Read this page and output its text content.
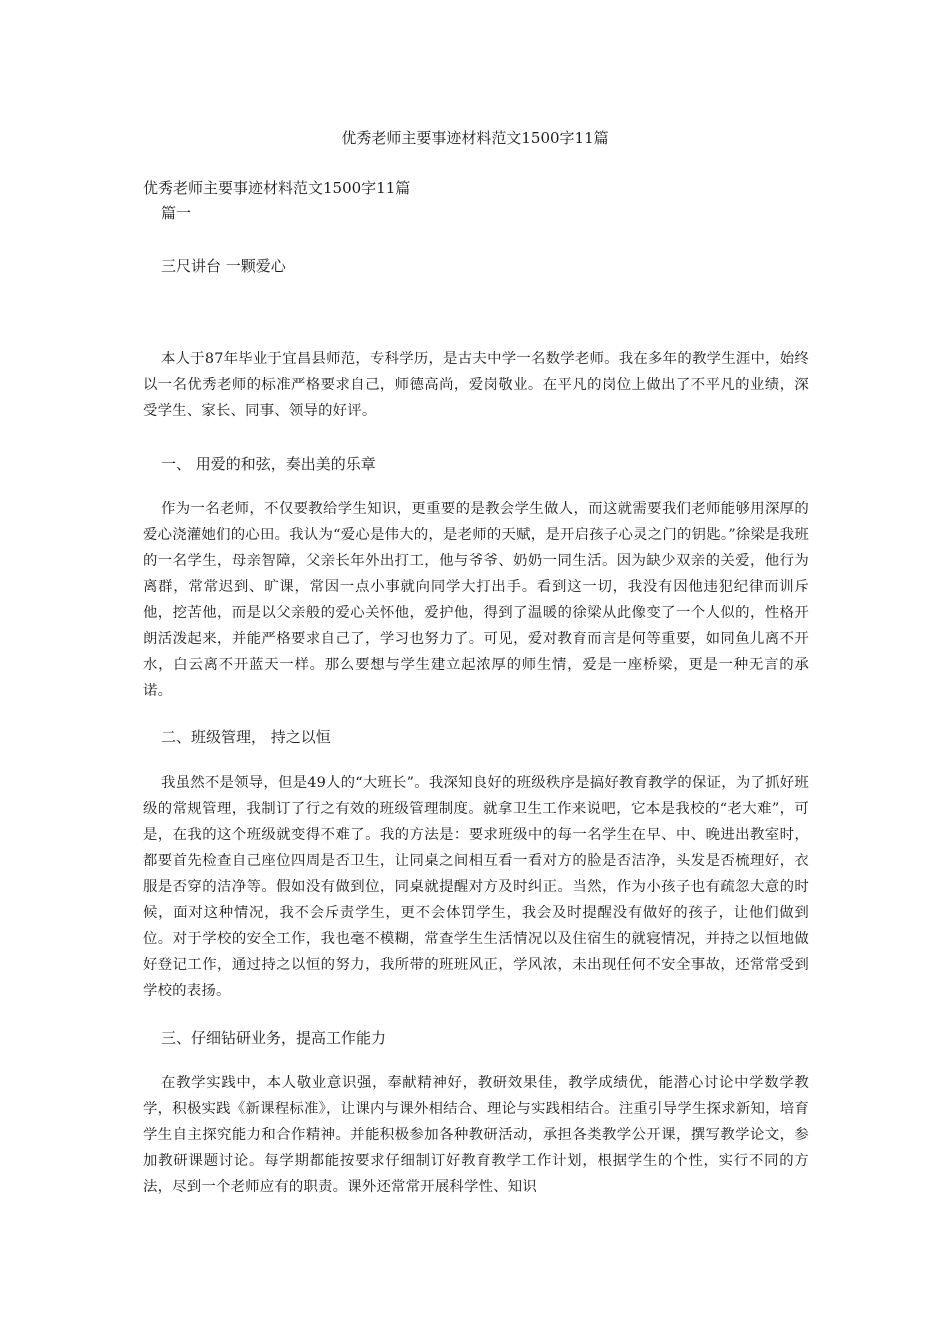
优秀老师主要事迹材料范文1500字11篇

优秀老师主要事迹材料范文1500字11篇

篇一

三尺讲台 一颗爱心

本人于87年毕业于宜昌县师范，专科学历，是古夫中学一名数学老师。我在多年的教学生涯中，始终以一名优秀老师的标准严格要求自己，师德高尚，爱岗敬业。在平凡的岗位上做出了不平凡的业绩，深受学生、家长、同事、领导的好评。

一、 用爱的和弦，奏出美的乐章

作为一名老师，不仅要教给学生知识，更重要的是教会学生做人，而这就需要我们老师能够用深厚的爱心浇灌她们的心田。我认为“爱心是伟大的，是老师的天赋，是开启孩子心灵之门的钥匙。”徐梁是我班的一名学生，母亲智障，父亲长年外出打工，他与爷爷、奶奶一同生活。因为缺少双亲的关爱，他行为离群，常常迟到、旷课，常因一点小事就向同学大打出手。看到这一切，我没有因他违犯纪律而训斥他，挖苦他，而是以父亲般的爱心关怀他，爱护他，得到了温暖的徐梁从此像变了一个人似的，性格开朗活泼起来，并能严格要求自己了，学习也努力了。可见，爱对教育而言是何等重要，如同鱼儿离不开水，白云离不开蓝天一样。那么要想与学生建立起浓厚的师生情，爱是一座桥梁，更是一种无言的承诺。

二、班级管理， 持之以恒

我虽然不是领导，但是49人的“大班长”。我深知良好的班级秩序是搞好教育教学的保证，为了抓好班级的常规管理，我制订了行之有效的班级管理制度。就拿卫生工作来说吧，它本是我校的“老大难”，可是，在我的这个班级就变得不难了。我的方法是：要求班级中的每一名学生在早、中、晚进出教室时，都要首先检查自己座位四周是否卫生，让同桌之间相互看一看对方的脸是否洁净，头发是否梳理好，衣服是否穿的洁净等。假如没有做到位，同桌就提醒对方及时纠正。当然，作为小孩子也有疏忽大意的时候，面对这种情况，我不会斥责学生，更不会体罚学生，我会及时提醒没有做好的孩子，让他们做到位。对于学校的安全工作，我也毫不模糊，常查学生生活情况以及住宿生的就寝情况，并持之以恒地做好登记工作，通过持之以恒的努力，我所带的班班风正，学风浓，未出现任何不安全事故，还常常受到学校的表扬。

三、仔细钻研业务，提高工作能力

在教学实践中，本人敬业意识强，奉献精神好，教研效果佳，教学成绩优，能潜心讨论中学数学教学，积极实践《新课程标准》，让课内与课外相结合、理论与实践相结合。注重引导学生探求新知，培育学生自主探究能力和合作精神。并能积极参加各种教研活动，承担各类教学公开课，撰写教学论文，参加教研课题讨论。每学期都能按要求仔细制订好教育教学工作计划，根据学生的个性，实行不同的方法，尽到一个老师应有的职责。课外还常常开展科学性、知识
